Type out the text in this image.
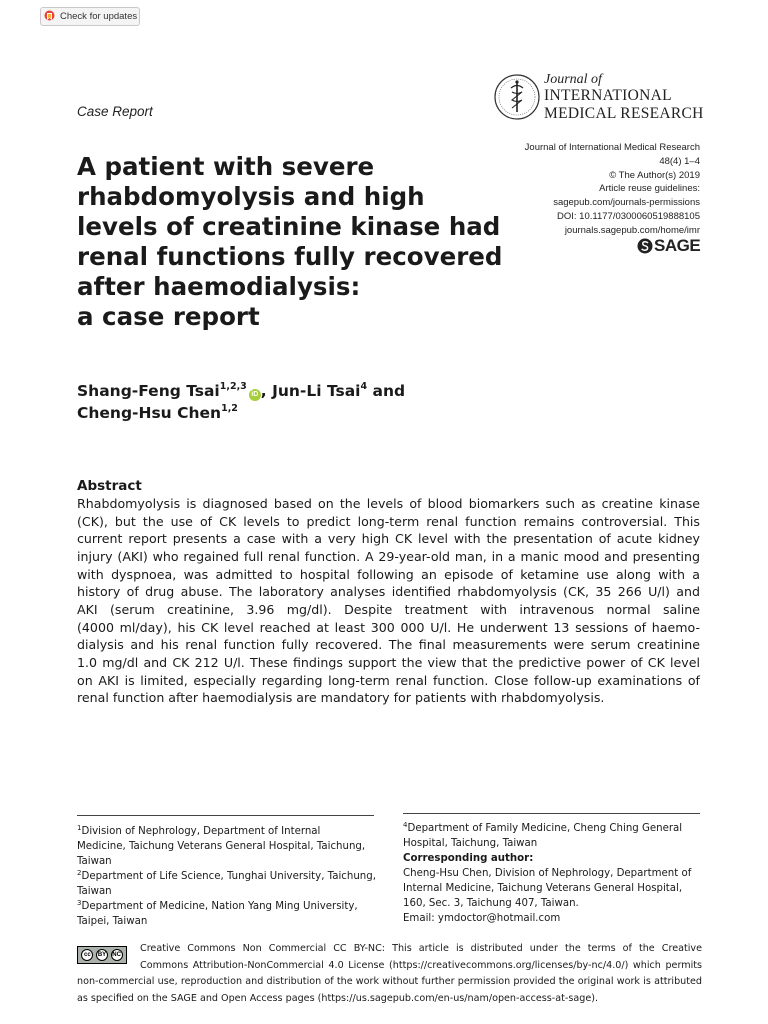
Check for updates
Case Report
Journal of
INTERNATIONAL
MEDICAL RESEARCH
Journal of International Medical Research
48(4) 1–4
© The Author(s) 2019
Article reuse guidelines:
sagepub.com/journals-permissions
DOI: 10.1177/0300060519888105
journals.sagepub.com/home/imr
SAGE
A patient with severe
rhabdomyolysis and high
levels of creatinine kinase had
renal functions fully recovered
after haemodialysis:
a case report
Shang-Feng Tsai$^{1,2,3}$iD , Jun-Li Tsai$^4$ and
Cheng-Hsu Chen$^{1,2}$
Abstract
Rhabdomyolysis is diagnosed based on the levels of blood biomarkers such as creatine kinase
(CK), but the use of CK levels to predict long-term renal function remains controversial. This
current report presents a case with a very high CK level with the presentation of acute kidney
injury (AKI) who regained full renal function. A 29-year-old man, in a manic mood and presenting
with dyspnoea, was admitted to hospital following an episode of ketamine use along with a
history of drug abuse. The laboratory analyses identified rhabdomyolysis (CK, 35 266 U/l) and
AKI (serum creatinine, 3.96 mg/dl). Despite treatment with intravenous normal saline
(4000 ml/day), his CK level reached at least 300 000 U/l. He underwent 13 sessions of haemo-
dialysis and his renal function fully recovered. The final measurements were serum creatinine
1.0 mg/dl and CK 212 U/l. These findings support the view that the predictive power of CK level
on AKI is limited, especially regarding long-term renal function. Close follow-up examinations of
renal function after haemodialysis are mandatory for patients with rhabdomyolysis.
$^1$Division of Nephrology, Department of Internal
Medicine, Taichung Veterans General Hospital, Taichung,
Taiwan
$^2$Department of Life Science, Tunghai University, Taichung,
Taiwan
$^3$Department of Medicine, Nation Yang Ming University,
Taipei, Taiwan
$^4$Department of Family Medicine, Cheng Ching General
Hospital, Taichung, Taiwan
Corresponding author:
Cheng-Hsu Chen, Division of Nephrology, Department of
Internal Medicine, Taichung Veterans General Hospital,
160, Sec. 3, Taichung 407, Taiwan.
Email: ymdoctor@hotmail.com
cc	BY	NC
Creative Commons Non Commercial CC BY-NC: This article is distributed under the terms of the Creative
Commons Attribution-NonCommercial 4.0 License (https://creativecommons.org/licenses/by-nc/4.0/) which permits
non-commercial use, reproduction and distribution of the work without further permission provided the original work is attributed
as specified on the SAGE and Open Access pages (https://us.sagepub.com/en-us/nam/open-access-at-sage).
